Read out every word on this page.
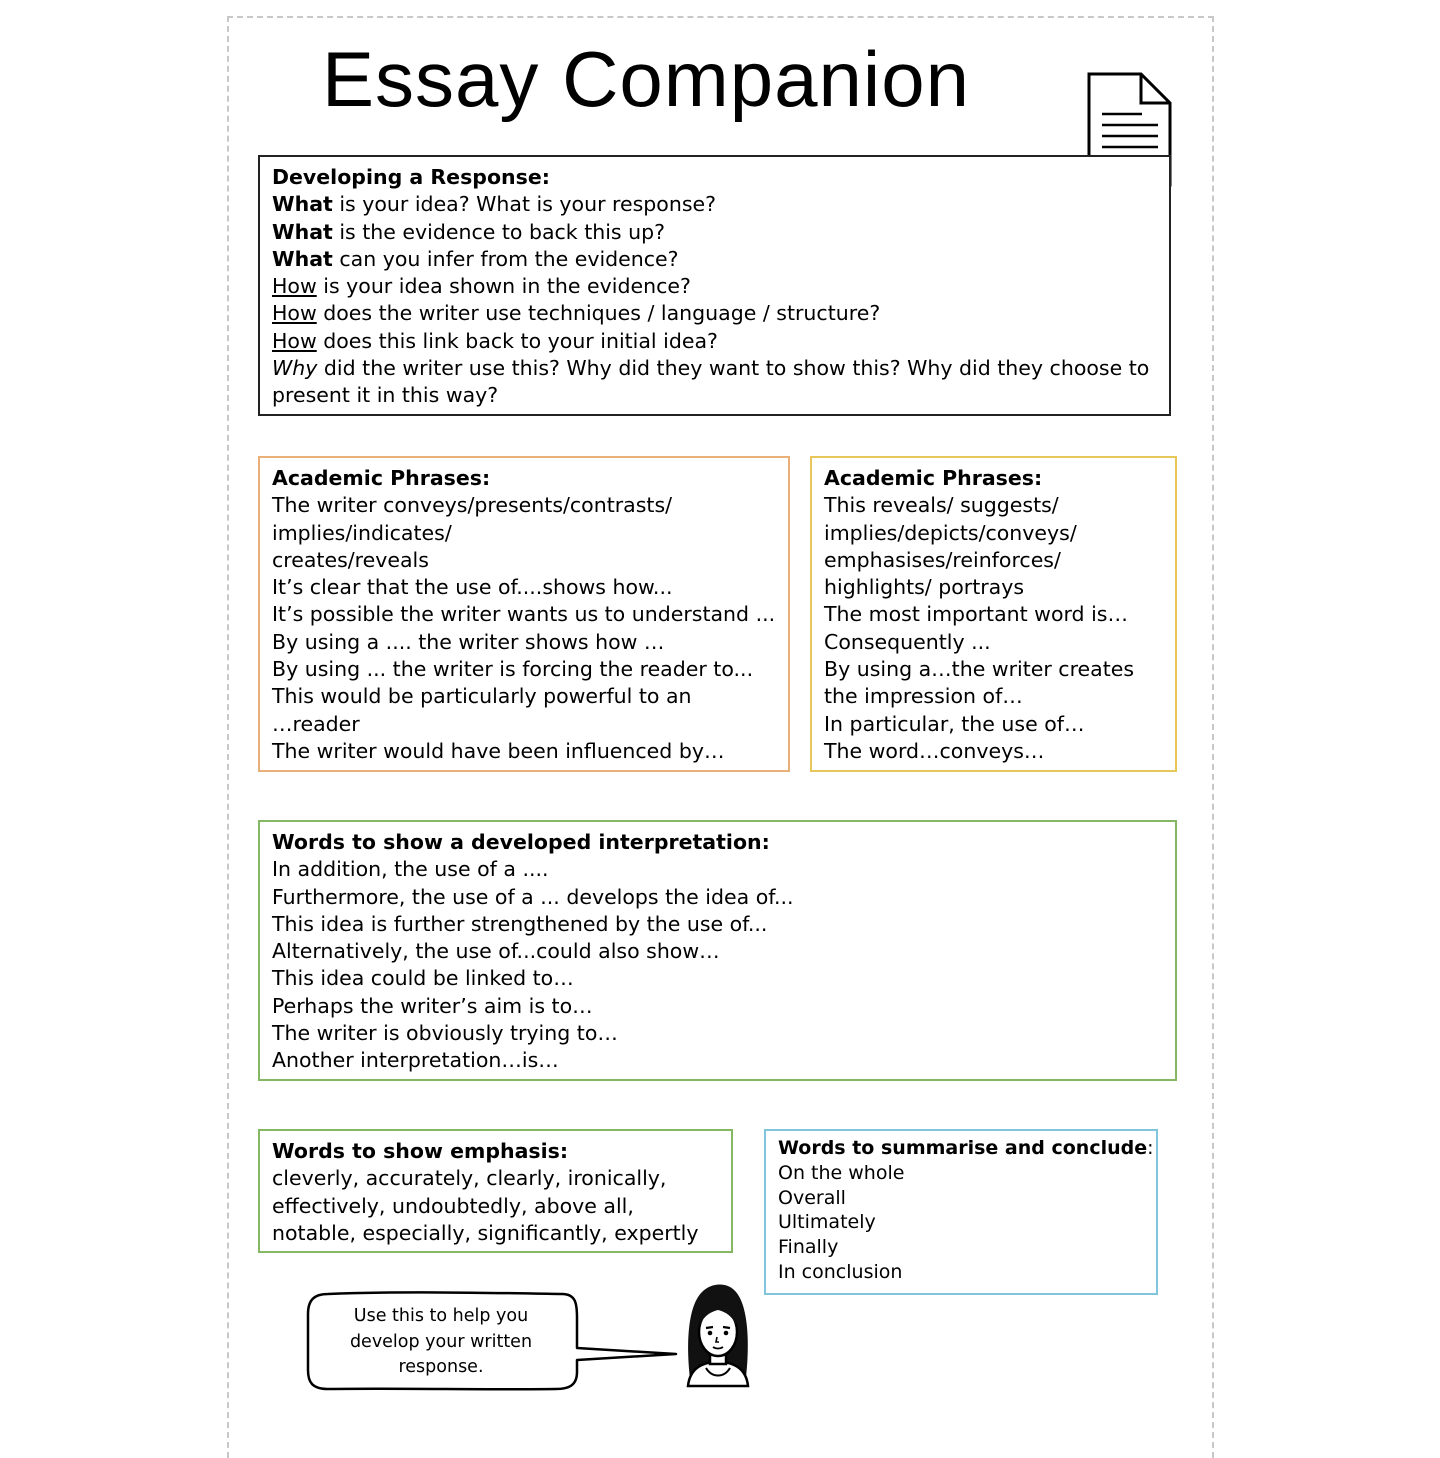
Essay Companion
Developing a Response:
What is your idea? What is your response?
What is the evidence to back this up?
What can you infer from the evidence?
How is your idea shown in the evidence?
How does the writer use techniques / language / structure?
How does this link back to your initial idea?
Why did the writer use this? Why did they want to show this? Why did they choose to present it in this way?
Academic Phrases:
The writer conveys/presents/contrasts/
implies/indicates/
creates/reveals
It’s clear that the use of....shows how...
It’s possible the writer wants us to understand ...
By using a .... the writer shows how …
By using ... the writer is forcing the reader to...
This would be particularly powerful to an
…reader
The writer would have been influenced by…
Academic Phrases:
This reveals/ suggests/
implies/depicts/conveys/
emphasises/reinforces/
highlights/ portrays
The most important word is…
Consequently ...
By using a…the writer creates
the impression of…
In particular, the use of…
The word…conveys…
Words to show a developed interpretation:
In addition, the use of a ....
Furthermore, the use of a ... develops the idea of...
This idea is further strengthened by the use of...
Alternatively, the use of...could also show…
This idea could be linked to…
Perhaps the writer’s aim is to…
The writer is obviously trying to…
Another interpretation…is…
Words to show emphasis:
cleverly, accurately, clearly, ironically, effectively, undoubtedly, above all, notable, especially, significantly, expertly
Words to summarise and conclude:
On the whole
Overall
Ultimately
Finally
In conclusion
Use this to help you develop your written response.
